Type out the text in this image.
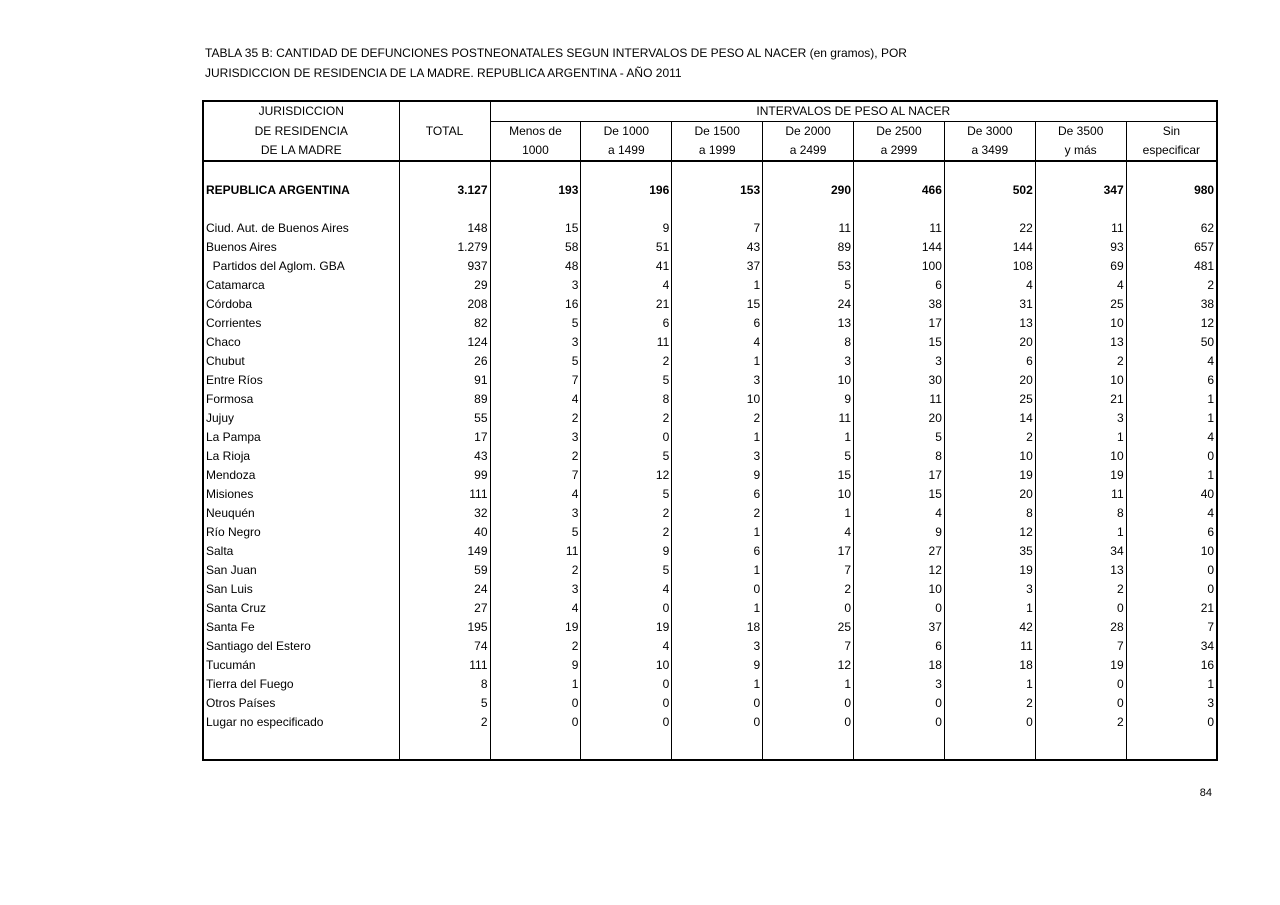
TABLA 35 B: CANTIDAD DE DEFUNCIONES POSTNEONATALES SEGUN INTERVALOS DE PESO AL NACER (en gramos), POR
JURISDICCION DE RESIDENCIA DE LA MADRE. REPUBLICA ARGENTINA - AÑO 2011
JURISDICCION		INTERVALOS DE PESO AL NACER							
DE RESIDENCIA	TOTAL	Menos de	De 1000	De 1500	De 2000	De 2500	De 3000	De 3500	Sin
DE LA MADRE		1000	a 1499	a 1999	a 2499	a 2999	a 3499	y más	especificar

REPUBLICA ARGENTINA	3.127	193	196	153	290	466	502	347	980

Ciud. Aut. de Buenos Aires	148	15	9	7	11	11	22	11	62
Buenos Aires	1.279	58	51	43	89	144	144	93	657
Partidos del Aglom. GBA	937	48	41	37	53	100	108	69	481
Catamarca	29	3	4	1	5	6	4	4	2
Córdoba	208	16	21	15	24	38	31	25	38
Corrientes	82	5	6	6	13	17	13	10	12
Chaco	124	3	11	4	8	15	20	13	50
Chubut	26	5	2	1	3	3	6	2	4
Entre Ríos	91	7	5	3	10	30	20	10	6
Formosa	89	4	8	10	9	11	25	21	1
Jujuy	55	2	2	2	11	20	14	3	1
La Pampa	17	3	0	1	1	5	2	1	4
La Rioja	43	2	5	3	5	8	10	10	0
Mendoza	99	7	12	9	15	17	19	19	1
Misiones	111	4	5	6	10	15	20	11	40
Neuquén	32	3	2	2	1	4	8	8	4
Río Negro	40	5	2	1	4	9	12	1	6
Salta	149	11	9	6	17	27	35	34	10
San Juan	59	2	5	1	7	12	19	13	0
San Luis	24	3	4	0	2	10	3	2	0
Santa Cruz	27	4	0	1	0	0	1	0	21
Santa Fe	195	19	19	18	25	37	42	28	7
Santiago del Estero	74	2	4	3	7	6	11	7	34
Tucumán	111	9	10	9	12	18	18	19	16
Tierra del Fuego	8	1	0	1	1	3	1	0	1
Otros Países	5	0	0	0	0	0	2	0	3
Lugar no especificado	2	0	0	0	0	0	0	2	0

84
